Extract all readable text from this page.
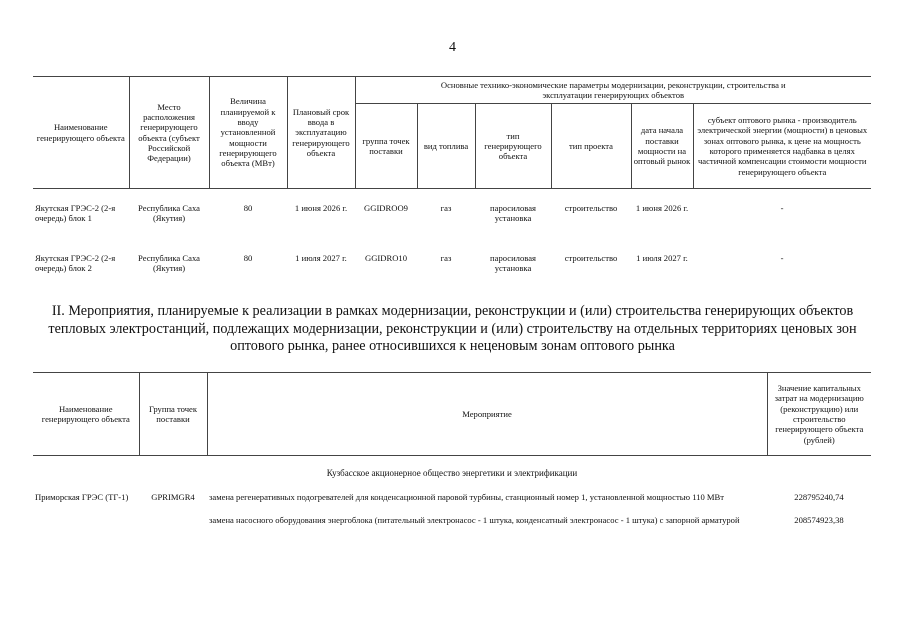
4
Наименование генерирующего объекта	Место расположения генерирующего объекта (субъект Российской Федерации)	Величина планируемой к вводу установленной мощности генерирующего объекта (МВт)	Плановый срок ввода в эксплуатацию генерирующего объекта	Основные технико-экономические параметры модернизации, реконструкции, строительства и эксплуатации генерирующих объектов					
				группа точек поставки	вид топлива	тип генерирующего объекта	тип проекта	дата начала поставки мощности на оптовый рынок	субъект оптового рынка - производитель электрической энергии (мощности) в ценовых зонах оптового рынка, к цене на мощность которого применяется надбавка в целях частичной компенсации стоимости мощности генерирующего объекта
Якутская ГРЭС-2 (2-я очередь) блок 1	Республика Саха (Якутия)	80	1 июня 2026 г.	GGIDROO9	газ	паросиловая установка	строительство	1 июня 2026 г.	-
Якутская ГРЭС-2 (2-я очередь) блок 2	Республика Саха (Якутия)	80	1 июля 2027 г.	GGIDRO10	газ	паросиловая установка	строительство	1 июля 2027 г.	-
II. Мероприятия, планируемые к реализации в рамках модернизации, реконструкции и (или) строительства генерирующих объектов тепловых электростанций, подлежащих модернизации, реконструкции и (или) строительству на отдельных территориях ценовых зон оптового рынка, ранее относившихся к неценовым зонам оптового рынка
Наименование генерирующего объекта	Группа точек поставки	Мероприятие	Значение капитальных затрат на модернизацию (реконструкцию) или строительство генерирующего объекта (рублей)
Кузбасское акционерное общество энергетики и электрификации			
Приморская ГРЭС (ТГ-1)	GPRIMGR4	замена регенеративных подогревателей для конденсационной паровой турбины, станционный номер 1, установленной мощностью 110 МВт	228795240,74
		замена насосного оборудования энергоблока (питательный электронасос - 1 штука, конденсатный электронасос - 1 штука) с запорной арматурой	208574923,38
